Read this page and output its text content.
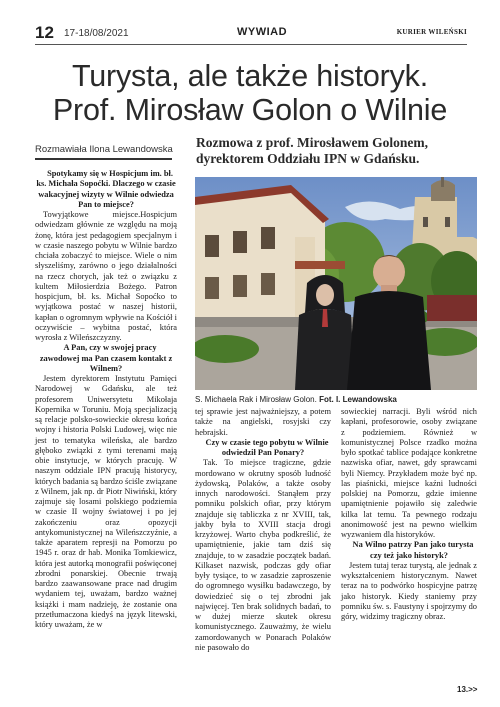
12 17-18/08/2021	WYWIAD	KURIER WILEŃSKI
Turysta, ale także historyk.
Prof. Mirosław Golon o Wilnie
Rozmawiała Ilona Lewandowska Rozmowa z prof. Mirosławem Golonem, dyrektorem Oddziału IPN w Gdańsku.
S. Michaela Rak i Mirosław Golon. Fot. I. Lewandowska

Spotykamy się w Hospicjum im. bł. ks. Michała Sopoćki. Dlaczego w czasie wakacyjnej wizyty w Wilnie odwiedza Pan to miejsce?

Towyjątkowe miejsce.Hospicjum odwiedzam głównie ze względu na moją żonę, która jest pedagogiem specjalnym i w czasie naszego pobytu w Wilnie bardzo chciała zobaczyć to miejsce. Wiele o nim słyszeliśmy, zarówno o jego działalności na rzecz chorych, jak też o związku z kultem Miłosierdzia Bożego. Patron hospicjum, bł. ks. Michał Sopoćko to wyjątkowa postać w naszej historii, kapłan o ogromnym wpływie na Kościół i oczywiście – wybitna postać, która wyrosła z Wileńszczyzny.

A Pan, czy w swojej pracy zawodowej ma Pan czasem kontakt z Wilnem?

Jestem dyrektorem Instytutu Pamięci Narodowej w Gdańsku, ale też profesorem Uniwersytetu Mikołaja Kopernika w Toruniu. Moją specjalizacją są relacje polsko-sowieckie okresu końca wojny i historia Polski Ludowej, więc nie jest to tematyka wileńska, ale bardzo głęboko związki z tymi terenami mają obie instytucje, w których pracuję. W naszym oddziale IPN pracują historycy, których badania są bardzo ściśle związane z Wilnem, jak np. dr Piotr Niwiński, który zajmuje się losami polskiego podziemia w czasie II wojny światowej i po jej zakończeniu oraz opozycji antykomunistycznej na Wileńszczyźnie, a także aparatem represji na Pomorzu po 1945 r. oraz dr hab. Monika Tomkiewicz, która jest autorką monografii poświęconej zbrodni ponarskiej. Obecnie trwają bardzo zaawansowane prace nad drugim wydaniem tej, uważam, bardzo ważnej książki i mam nadzieję, że zostanie ona przetłumaczona kiedyś na język litewski, który uważam, że w

tej sprawie jest najważniejszy, a potem także na angielski, rosyjski czy hebrajski.

Czy w czasie tego pobytu w Wilnie odwiedził Pan Ponary?

Tak. To miejsce tragiczne, gdzie mordowano w okrutny sposób ludność żydowską, Polaków, a także osoby innych narodowości. Stanąłem przy pomniku polskich ofiar, przy którym znajduje się tabliczka z nr XVIII, tak, jakby była to XVIII stacja drogi krzyżowej. Warto chyba podkreślić, że upamiętnienie, jakie tam dziś się znajduje, to w zasadzie początek badań. Kilkaset nazwisk, podczas gdy ofiar były tysiące, to w zasadzie zaproszenie do ogromnego wysiłku badawczego, by dowiedzieć się o tej zbrodni jak najwięcej. Ten brak solidnych badań, to w dużej mierze skutek okresu komunistycznego. Zauważmy, że wielu zamordowanych w Ponarach Polaków nie pasowało do

sowieckiej narracji. Byli wśród nich kapłani, profesorowie, osoby związane z podziemiem. Również w komunistycznej Polsce rzadko można było spotkać tablice podające konkretne nazwiska ofiar, nawet, gdy sprawcami byli Niemcy. Przykładem może być np. las piaśnicki, miejsce kaźni ludności polskiej na Pomorzu, gdzie imienne upamiętnienie pojawiło się zaledwie kilka lat temu. Ta pewnego rodzaju anonimowość jest na pewno wielkim wyzwaniem dla historyków.

Na Wilno patrzy Pan jako turysta czy też jako historyk?

Jestem tutaj teraz turystą, ale jednak z wykształceniem historycznym. Nawet teraz na to podwórko hospicyjne patrzę jako historyk. Kiedy staniemy przy pomniku św. s. Faustyny i spojrzymy do góry, widzimy tragiczny obraz.

13.>>
